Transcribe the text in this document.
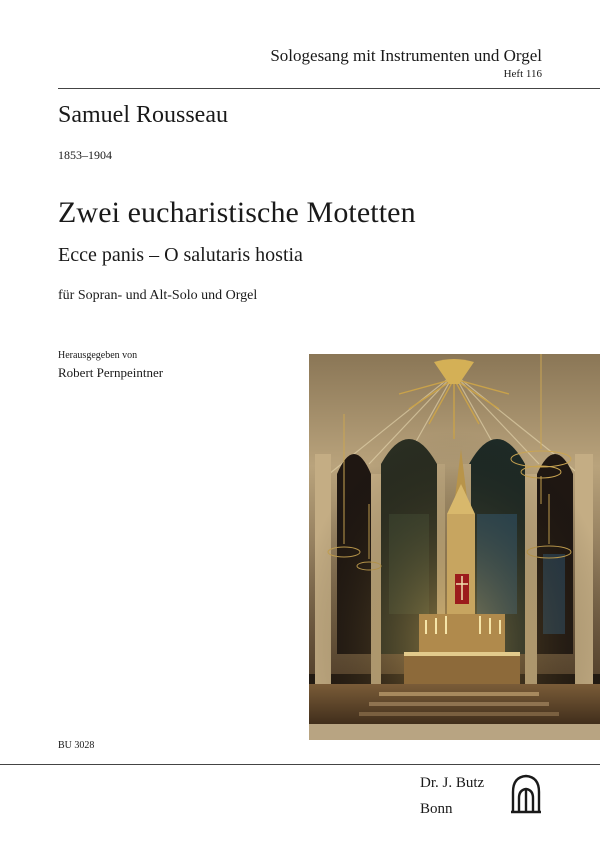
Sologesang mit Instrumenten und Orgel
Heft 116
Samuel Rousseau
1853–1904
Zwei eucharistische Motetten
Ecce panis – O salutaris hostia
für Sopran- und Alt-Solo und Orgel
Herausgegeben von
Robert Pernpeintner
BU 3028
Dr. J. Butz
Bonn
